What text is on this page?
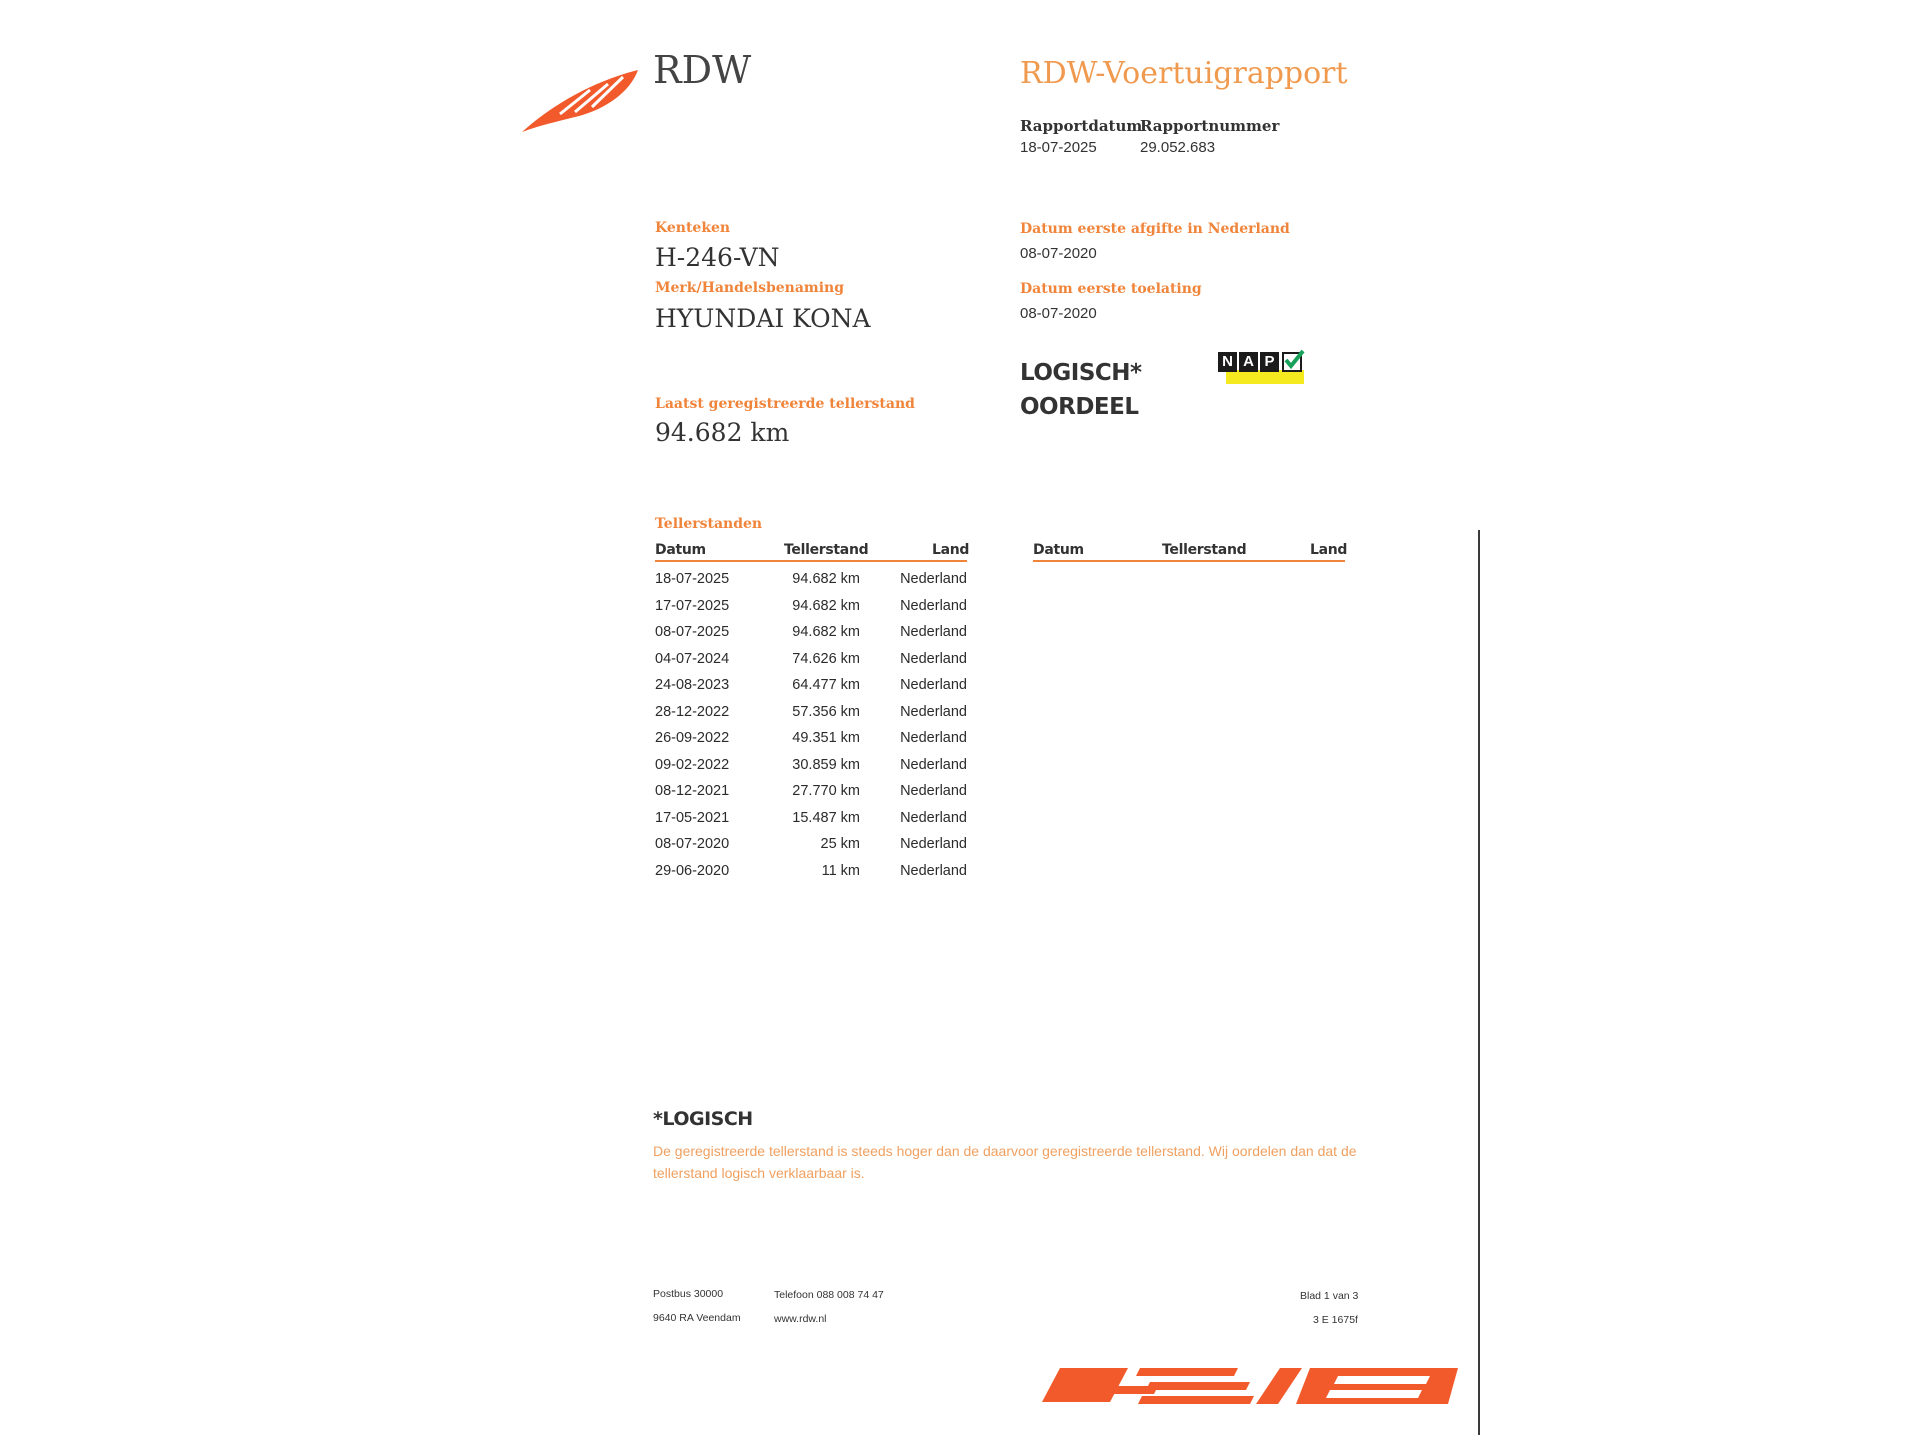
RDW	RDW-Voertuigrapport
Rapportdatum
18-07-2025
Rapportnummer
29.052.683
Kenteken
H-246-VN
Merk/Handelsbenaming
HYUNDAI KONA
Laatst geregistreerde tellerstand
94.682 km
Datum eerste afgifte in Nederland
08-07-2020
Datum eerste toelating
08-07-2020
LOGISCH*
OORDEEL
N A P
Tellerstanden
Datum	Tellerstand	Land	Datum	Tellerstand	Land
18-07-2025	94.682 km	Nederland
17-07-2025	94.682 km	Nederland
08-07-2025	94.682 km	Nederland
04-07-2024	74.626 km	Nederland
24-08-2023	64.477 km	Nederland
28-12-2022	57.356 km	Nederland
26-09-2022	49.351 km	Nederland
09-02-2022	30.859 km	Nederland
08-12-2021	27.770 km	Nederland
17-05-2021	15.487 km	Nederland
08-07-2020	25 km	Nederland
29-06-2020	11 km	Nederland
*LOGISCH
De geregistreerde tellerstand is steeds hoger dan de daarvoor geregistreerde tellerstand. Wij oordelen dan dat de tellerstand logisch verklaarbaar is.
Postbus 30000
9640 RA Veendam
Telefoon 088 008 74 47
www.rdw.nl
Blad 1 van 3
3 E 1675f
